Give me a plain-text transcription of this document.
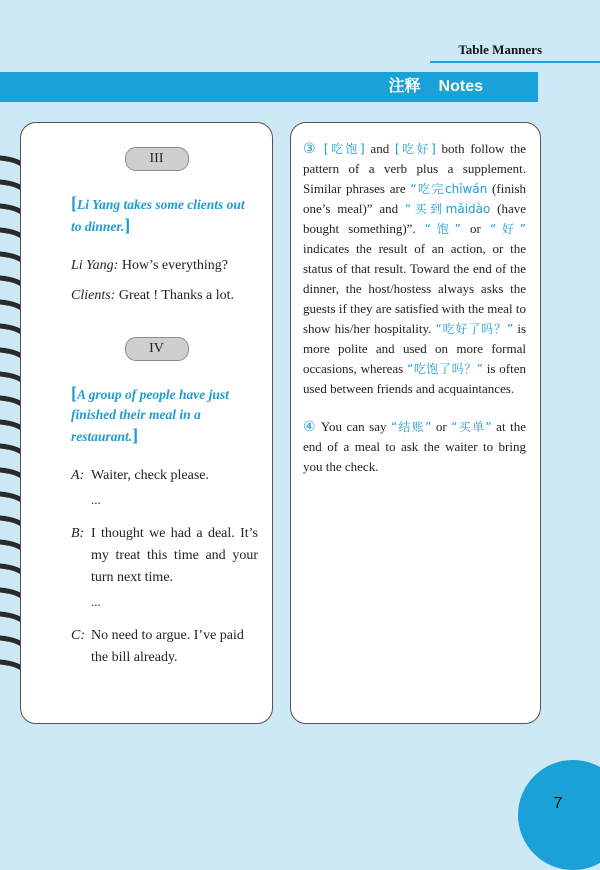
Table Manners
注释 Notes
III
[Li Yang takes some clients out to dinner.]
Li Yang: How’s everything?
Clients: Great ! Thanks a lot.
IV
[A group of people have just finished their meal in a restaurant.]
A: Waiter, check please.
...
B: I thought we had a deal. It’s my treat this time and your turn next time.
...
C: No need to argue. I’ve paid the bill already.
③ [吃饱] and [吃好] both follow the pattern of a verb plus a supplement. Similar phrases are “吃完chīwán (finish one’s meal)” and “买到mǎidào (have bought something)”. “饱” or “好” indicates the result of an action, or the status of that result. Toward the end of the dinner, the host/hostess always asks the guests if they are satisfied with the meal to show his/her hospitality. “吃好了吗？” is more polite and used on more formal occasions, whereas “吃饱了吗？” is often used between friends and acquaintances.
④ You can say “结账” or “买单” at the end of a meal to ask the waiter to bring you the check.
7
